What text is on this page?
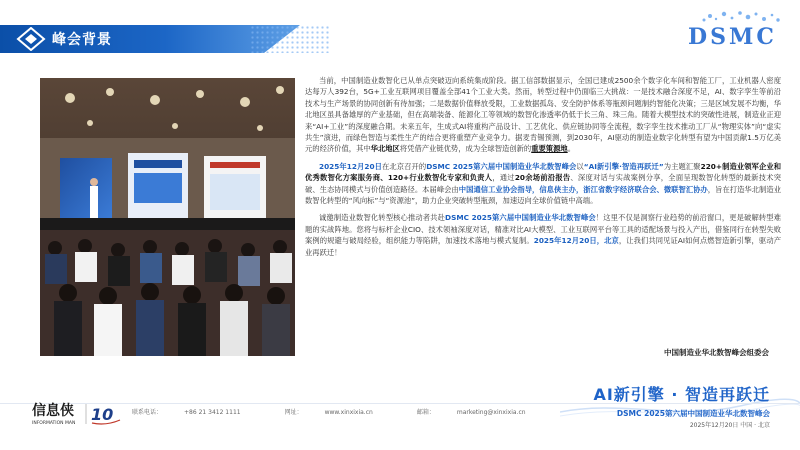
峰会背景	DSMC

当前，中国制造业数智化已从单点突破迈向系统集成阶段。据工信部数据显示，全国已建成2500余个数字化车间和智能工厂，工业机器人密度达每万人392台，5G+工业互联网项目覆盖全部41个工业大类。然而，转型过程中仍面临三大挑战：一是技术融合深度不足，AI、数字孪生等前沿技术与生产场景的协同创新有待加强；二是数据价值释放受限，工业数据孤岛、安全防护体系等瓶颈问题制约智能化决策；三是区域发展不均衡，华北地区虽具备雄厚的产业基础，但在高端装备、能源化工等领域的数智化渗透率仍低于长三角、珠三角。随着大模型技术的突破性进展，制造业正迎来“AI+工业”的深度融合期。未来五年，生成式AI将重构产品设计、工艺优化、供应链协同等全流程，数字孪生技术推动工厂从“物理实体”向“虚实共生”演进，而绿色智造与柔性生产的结合更将重塑产业竞争力。据麦肯锡预测，到2030年，AI驱动的制造业数字化转型有望为中国贡献1.5万亿美元的经济价值，其中华北地区将凭借产业链优势，成为全球智造创新的重要策源地。

2025年12月20日在北京召开的DSMC 2025第六届中国制造业华北数智峰会以“AI新引擎·智造再跃迁”为主题汇聚220+制造业领军企业和优秀数智化方案服务商、120+行业数智化专家和负责人，通过20余场前沿报告、深度对话与实战案例分享，全面呈现数智化转型的最新技术突破、生态协同模式与价值创造路径。本届峰会由中国通信工业协会指导，信息侠主办，浙江省数字经济联合会、微联智汇协办，旨在打造华北制造业数智化转型的“风向标”与“资源池”，助力企业突破转型瓶颈，加速迈向全球价值链中高端。

诚邀制造业数智化转型核心推动者共赴DSMC 2025第六届中国制造业华北数智峰会！这里不仅是洞察行业趋势的前沿窗口，更是破解转型难题的实战阵地。您将与标杆企业CIO、技术领袖深度对话，精准对比AI大模型、工业互联网平台等工具的适配场景与投入产出，借鉴同行在转型失败案例的规避与破局经验，组织能力等陷阱，加速技术落地与模式复制。2025年12月20日，北京，让我们共同见证AI如何点燃智造新引擎，驱动产业再跃迁！

中国制造业华北数智峰会组委会
信息侠
INFORMATION MAN 10	联系电话：	+86 21 3412 1111	网址：	www.xinxixia.cn	邮箱：	marketing@xinxixia.cn
AI新引擎 · 智造再跃迁
DSMC 2025第六届中国制造业华北数智峰会
2025年12月20日 中国 · 北京
